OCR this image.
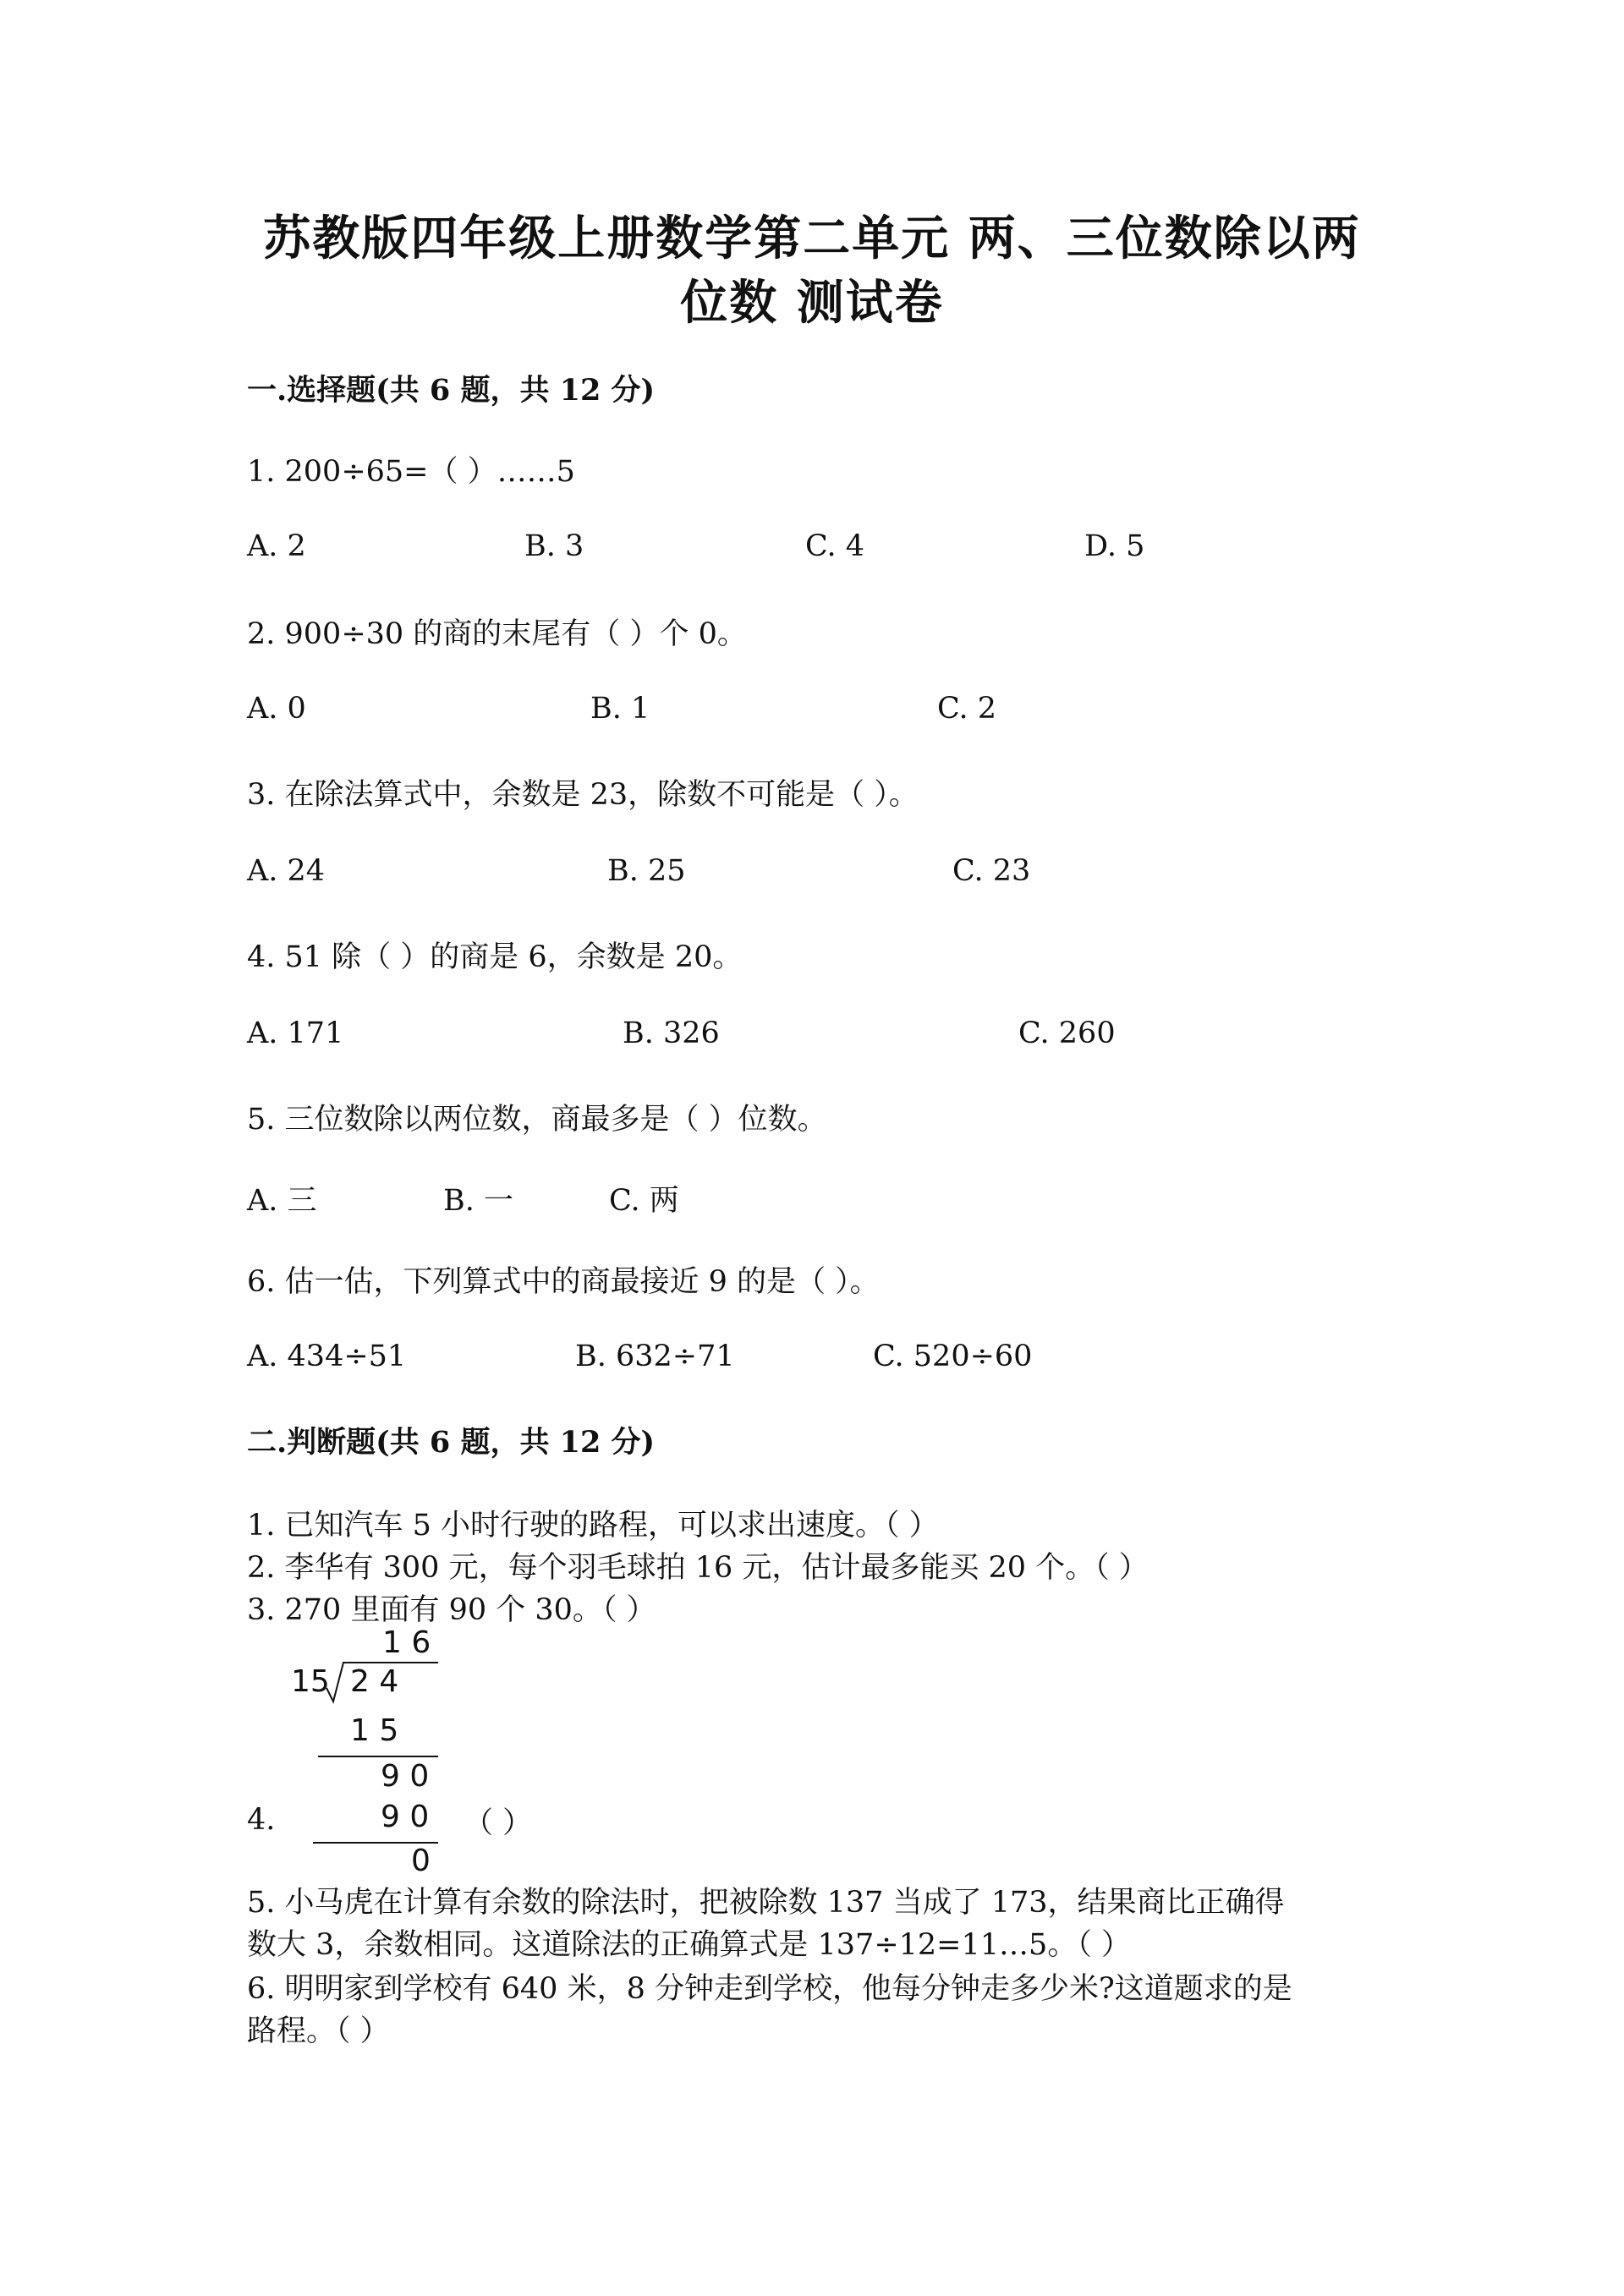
苏教版四年级上册数学第二单元 两、三位数除以两
位数 测试卷
一.选择题(共 6 题，共 12 分)
1. 200÷65=（ ）……5
A. 2	B. 3	C. 4	D. 5
2. 900÷30 的商的末尾有（ ）个 0。
A. 0	B. 1	C. 2
3. 在除法算式中，余数是 23，除数不可能是（ ）。
A. 24	B. 25	C. 23
4. 51 除（ ）的商是 6，余数是 20。
A. 171	B. 326	C. 260
5. 三位数除以两位数，商最多是（ ）位数。
A. 三	B. 一	C. 两
6. 估一估，下列算式中的商最接近 9 的是（ ）。
A. 434÷51	B. 632÷71	C. 520÷60
二.判断题(共 6 题，共 12 分)
1. 已知汽车 5 小时行驶的路程，可以求出速度。（ ）
2. 李华有 300 元，每个羽毛球拍 16 元，估计最多能买 20 个。（ ）
3. 270 里面有 90 个 30。（ ）
1 6
15 2 4
1 5
9 0
9 0
0
4.	（ ）
5. 小马虎在计算有余数的除法时，把被除数 137 当成了 173，结果商比正确得
数大 3，余数相同。这道除法的正确算式是 137÷12=11…5。（ ）
6. 明明家到学校有 640 米，8 分钟走到学校，他每分钟走多少米?这道题求的是
路程。（ ）
